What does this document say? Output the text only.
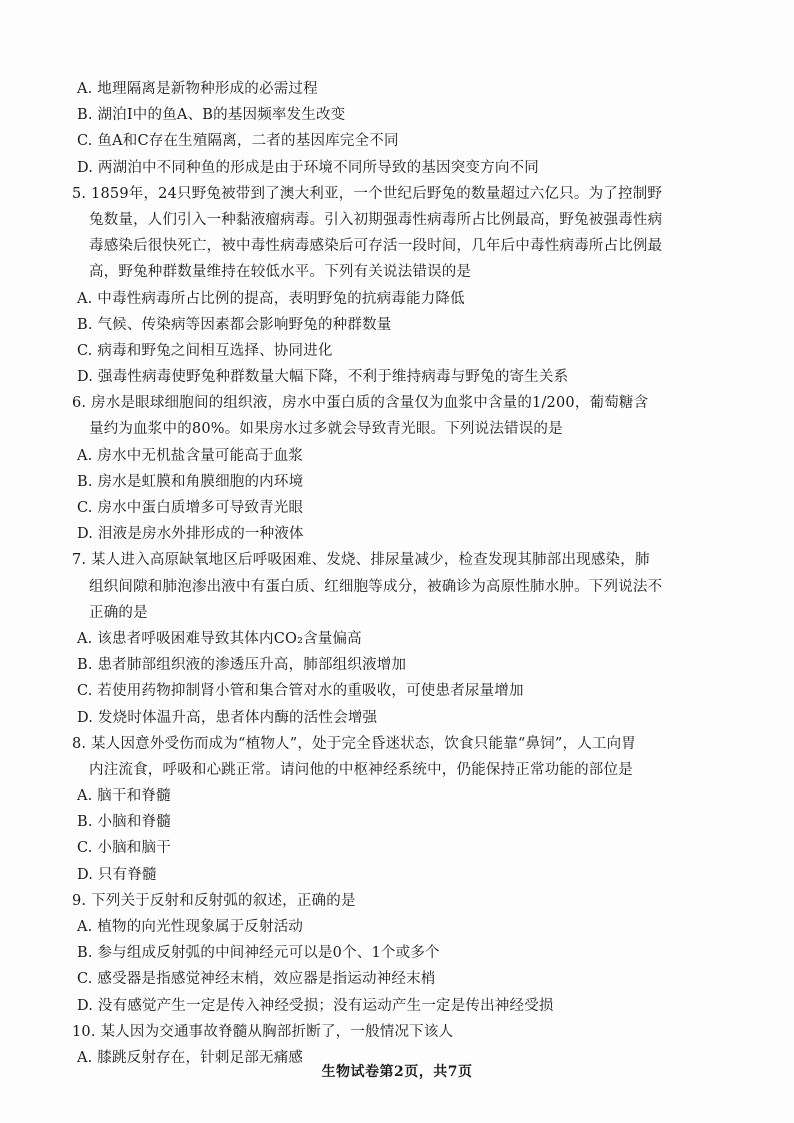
A. 地理隔离是新物种形成的必需过程
B. 湖泊Ⅰ中的鱼A、B的基因频率发生改变
C. 鱼A和C存在生殖隔离，二者的基因库完全不同
D. 两湖泊中不同种鱼的形成是由于环境不同所导致的基因突变方向不同
5. 1859年，24只野兔被带到了澳大利亚，一个世纪后野兔的数量超过六亿只。为了控制野
兔数量，人们引入一种黏液瘤病毒。引入初期强毒性病毒所占比例最高，野兔被强毒性病
毒感染后很快死亡，被中毒性病毒感染后可存活一段时间，几年后中毒性病毒所占比例最
高，野兔种群数量维持在较低水平。下列有关说法错误的是
A. 中毒性病毒所占比例的提高，表明野兔的抗病毒能力降低
B. 气候、传染病等因素都会影响野兔的种群数量
C. 病毒和野兔之间相互选择、协同进化
D. 强毒性病毒使野兔种群数量大幅下降，不利于维持病毒与野兔的寄生关系
6. 房水是眼球细胞间的组织液，房水中蛋白质的含量仅为血浆中含量的1/200，葡萄糖含
量约为血浆中的80%。如果房水过多就会导致青光眼。下列说法错误的是
A. 房水中无机盐含量可能高于血浆
B. 房水是虹膜和角膜细胞的内环境
C. 房水中蛋白质增多可导致青光眼
D. 泪液是房水外排形成的一种液体
7. 某人进入高原缺氧地区后呼吸困难、发烧、排尿量减少，检查发现其肺部出现感染，肺
组织间隙和肺泡渗出液中有蛋白质、红细胞等成分，被确诊为高原性肺水肿。下列说法不
正确的是
A. 该患者呼吸困难导致其体内CO₂含量偏高
B. 患者肺部组织液的渗透压升高，肺部组织液增加
C. 若使用药物抑制肾小管和集合管对水的重吸收，可使患者尿量增加
D. 发烧时体温升高，患者体内酶的活性会增强
8. 某人因意外受伤而成为“植物人”，处于完全昏迷状态，饮食只能靠“鼻饲”，人工向胃
内注流食，呼吸和心跳正常。请问他的中枢神经系统中，仍能保持正常功能的部位是
A. 脑干和脊髓
B. 小脑和脊髓
C. 小脑和脑干
D. 只有脊髓
9. 下列关于反射和反射弧的叙述，正确的是
A. 植物的向光性现象属于反射活动
B. 参与组成反射弧的中间神经元可以是0个、1个或多个
C. 感受器是指感觉神经末梢，效应器是指运动神经末梢
D. 没有感觉产生一定是传入神经受损；没有运动产生一定是传出神经受损
10. 某人因为交通事故脊髓从胸部折断了，一般情况下该人
A. 膝跳反射存在，针刺足部无痛感
生物试卷第2页，共7页
